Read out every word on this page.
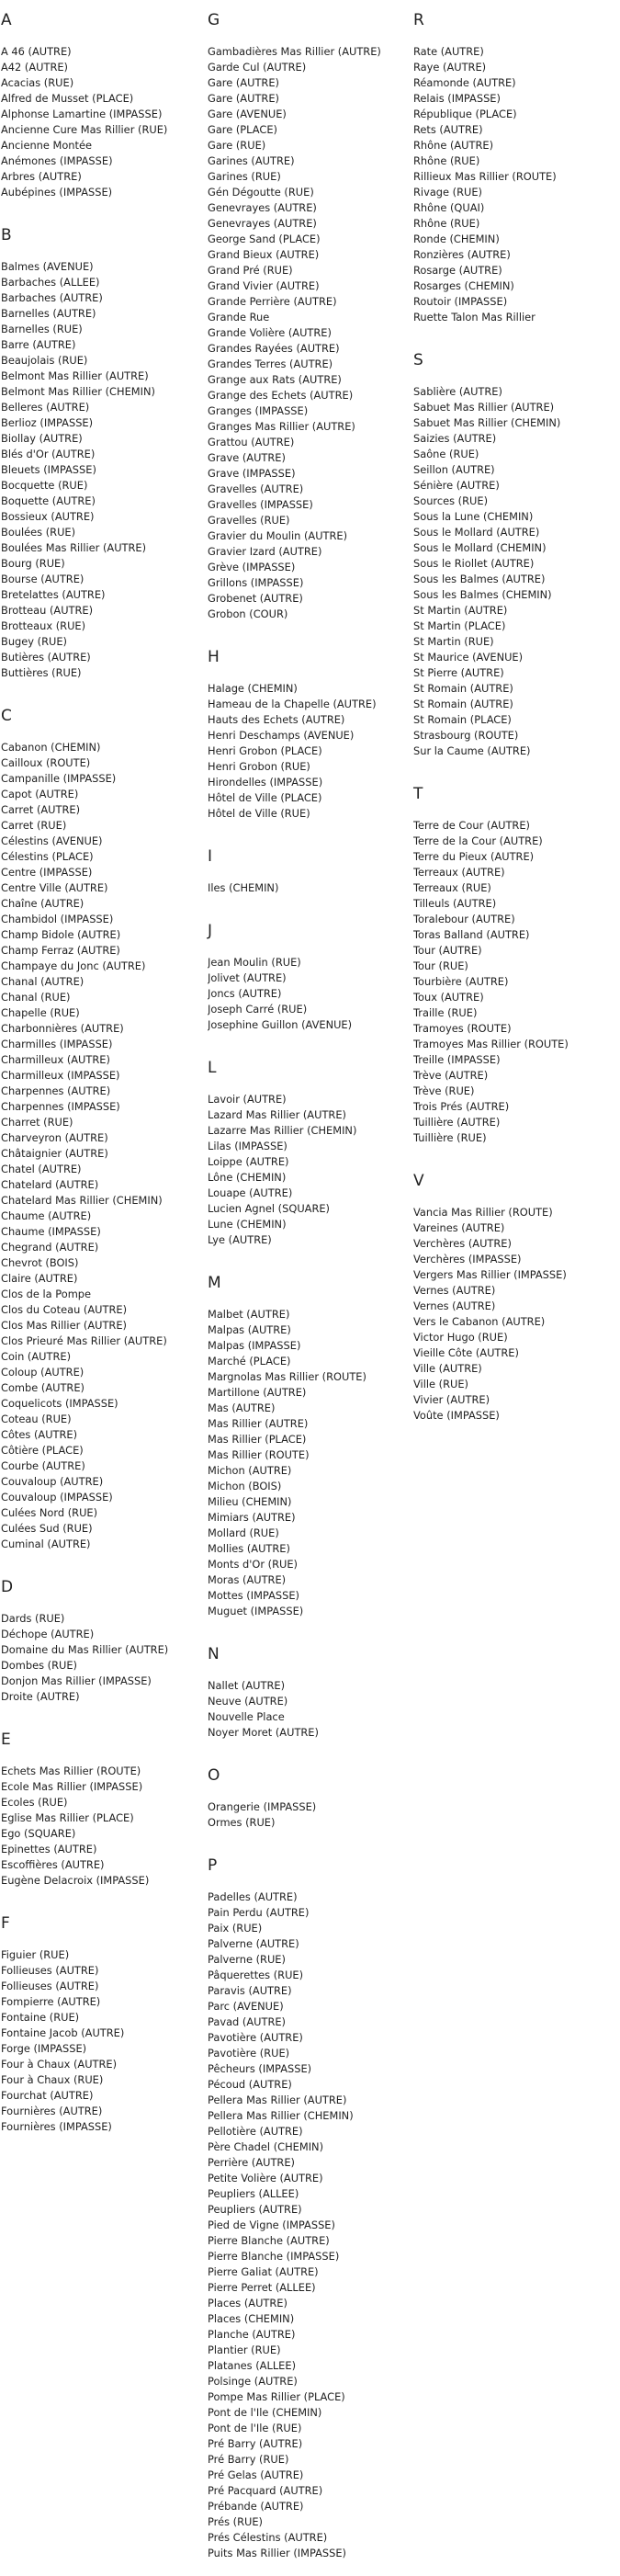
A
A 46 (AUTRE)
A42 (AUTRE)
Acacias (RUE)
Alfred de Musset (PLACE)
Alphonse Lamartine (IMPASSE)
Ancienne Cure Mas Rillier (RUE)
Ancienne Montée
Anémones (IMPASSE)
Arbres (AUTRE)
Aubépines (IMPASSE)
B
Balmes (AVENUE)
Barbaches (ALLEE)
Barbaches (AUTRE)
Barnelles (AUTRE)
Barnelles (RUE)
Barre (AUTRE)
Beaujolais (RUE)
Belmont Mas Rillier (AUTRE)
Belmont Mas Rillier (CHEMIN)
Belleres (AUTRE)
Berlioz (IMPASSE)
Biollay (AUTRE)
Blés d'Or (AUTRE)
Bleuets (IMPASSE)
Bocquette (RUE)
Boquette (AUTRE)
Bossieux (AUTRE)
Boulées (RUE)
Boulées Mas Rillier (AUTRE)
Bourg (RUE)
Bourse (AUTRE)
Bretelattes (AUTRE)
Brotteau (AUTRE)
Brotteaux (RUE)
Bugey (RUE)
Butières (AUTRE)
Buttières (RUE)
C
Cabanon (CHEMIN)
Cailloux (ROUTE)
Campanille (IMPASSE)
Capot (AUTRE)
Carret (AUTRE)
Carret (RUE)
Célestins (AVENUE)
Célestins (PLACE)
Centre (IMPASSE)
Centre Ville (AUTRE)
Chaîne (AUTRE)
Chambidol (IMPASSE)
Champ Bidole (AUTRE)
Champ Ferraz (AUTRE)
Champaye du Jonc (AUTRE)
Chanal (AUTRE)
Chanal (RUE)
Chapelle (RUE)
Charbonnières (AUTRE)
Charmilles (IMPASSE)
Charmilleux (AUTRE)
Charmilleux (IMPASSE)
Charpennes (AUTRE)
Charpennes (IMPASSE)
Charret (RUE)
Charveyron (AUTRE)
Châtaignier (AUTRE)
Chatel (AUTRE)
Chatelard (AUTRE)
Chatelard Mas Rillier (CHEMIN)
Chaume (AUTRE)
Chaume (IMPASSE)
Chegrand (AUTRE)
Chevrot (BOIS)
Claire (AUTRE)
Clos de la Pompe
Clos du Coteau (AUTRE)
Clos Mas Rillier (AUTRE)
Clos Prieuré Mas Rillier (AUTRE)
Coin (AUTRE)
Coloup (AUTRE)
Combe (AUTRE)
Coquelicots (IMPASSE)
Coteau (RUE)
Côtes (AUTRE)
Côtière (PLACE)
Courbe (AUTRE)
Couvaloup (AUTRE)
Couvaloup (IMPASSE)
Culées Nord (RUE)
Culées Sud (RUE)
Cuminal (AUTRE)
D
Dards (RUE)
Déchope (AUTRE)
Domaine du Mas Rillier (AUTRE)
Dombes (RUE)
Donjon Mas Rillier (IMPASSE)
Droite (AUTRE)
E
Echets Mas Rillier (ROUTE)
Ecole Mas Rillier (IMPASSE)
Ecoles (RUE)
Eglise Mas Rillier (PLACE)
Ego (SQUARE)
Epinettes (AUTRE)
Escoffières (AUTRE)
Eugène Delacroix (IMPASSE)
F
Figuier (RUE)
Follieuses (AUTRE)
Follieuses (AUTRE)
Fompierre (AUTRE)
Fontaine (RUE)
Fontaine Jacob (AUTRE)
Forge (IMPASSE)
Four à Chaux (AUTRE)
Four à Chaux (RUE)
Fourchat (AUTRE)
Fournières (AUTRE)
Fournières (IMPASSE)
G
Gambadières Mas Rillier (AUTRE)
Garde Cul (AUTRE)
Gare (AUTRE)
Gare (AUTRE)
Gare (AVENUE)
Gare (PLACE)
Gare (RUE)
Garines (AUTRE)
Garines (RUE)
Gén Dégoutte (RUE)
Genevrayes (AUTRE)
Genevrayes (AUTRE)
George Sand (PLACE)
Grand Bieux (AUTRE)
Grand Pré (RUE)
Grand Vivier (AUTRE)
Grande Perrière (AUTRE)
Grande Rue
Grande Volière (AUTRE)
Grandes Rayées (AUTRE)
Grandes Terres (AUTRE)
Grange aux Rats (AUTRE)
Grange des Echets (AUTRE)
Granges (IMPASSE)
Granges Mas Rillier (AUTRE)
Grattou (AUTRE)
Grave (AUTRE)
Grave (IMPASSE)
Gravelles (AUTRE)
Gravelles (IMPASSE)
Gravelles (RUE)
Gravier du Moulin (AUTRE)
Gravier Izard (AUTRE)
Grève (IMPASSE)
Grillons (IMPASSE)
Grobenet (AUTRE)
Grobon (COUR)
H
Halage (CHEMIN)
Hameau de la Chapelle (AUTRE)
Hauts des Echets (AUTRE)
Henri Deschamps (AVENUE)
Henri Grobon (PLACE)
Henri Grobon (RUE)
Hirondelles (IMPASSE)
Hôtel de Ville (PLACE)
Hôtel de Ville (RUE)
I
Iles (CHEMIN)
J
Jean Moulin (RUE)
Jolivet (AUTRE)
Joncs (AUTRE)
Joseph Carré (RUE)
Josephine Guillon (AVENUE)
L
Lavoir (AUTRE)
Lazard Mas Rillier (AUTRE)
Lazarre Mas Rillier (CHEMIN)
Lilas (IMPASSE)
Loippe (AUTRE)
Lône (CHEMIN)
Louape (AUTRE)
Lucien Agnel (SQUARE)
Lune (CHEMIN)
Lye (AUTRE)
M
Malbet (AUTRE)
Malpas (AUTRE)
Malpas (IMPASSE)
Marché (PLACE)
Margnolas Mas Rillier (ROUTE)
Martillone (AUTRE)
Mas (AUTRE)
Mas Rillier (AUTRE)
Mas Rillier (PLACE)
Mas Rillier (ROUTE)
Michon (AUTRE)
Michon (BOIS)
Milieu (CHEMIN)
Mimiars (AUTRE)
Mollard (RUE)
Mollies (AUTRE)
Monts d'Or (RUE)
Moras (AUTRE)
Mottes (IMPASSE)
Muguet (IMPASSE)
N
Nallet (AUTRE)
Neuve (AUTRE)
Nouvelle Place
Noyer Moret (AUTRE)
O
Orangerie (IMPASSE)
Ormes (RUE)
P
Padelles (AUTRE)
Pain Perdu (AUTRE)
Paix (RUE)
Palverne (AUTRE)
Palverne (RUE)
Pâquerettes (RUE)
Paravis (AUTRE)
Parc (AVENUE)
Pavad (AUTRE)
Pavotière (AUTRE)
Pavotière (RUE)
Pêcheurs (IMPASSE)
Pécoud (AUTRE)
Pellera Mas Rillier (AUTRE)
Pellera Mas Rillier (CHEMIN)
Pellotière (AUTRE)
Père Chadel (CHEMIN)
Perrière (AUTRE)
Petite Volière (AUTRE)
Peupliers (ALLEE)
Peupliers (AUTRE)
Pied de Vigne (IMPASSE)
Pierre Blanche (AUTRE)
Pierre Blanche (IMPASSE)
Pierre Galiat (AUTRE)
Pierre Perret (ALLEE)
Places (AUTRE)
Places (CHEMIN)
Planche (AUTRE)
Plantier (RUE)
Platanes (ALLEE)
Polsinge (AUTRE)
Pompe Mas Rillier (PLACE)
Pont de l'Ile (CHEMIN)
Pont de l'Ile (RUE)
Pré Barry (AUTRE)
Pré Barry (RUE)
Pré Gelas (AUTRE)
Pré Pacquard (AUTRE)
Prébande (AUTRE)
Prés (RUE)
Prés Célestins (AUTRE)
Puits Mas Rillier (IMPASSE)
R
Rate (AUTRE)
Raye (AUTRE)
Réamonde (AUTRE)
Relais (IMPASSE)
République (PLACE)
Rets (AUTRE)
Rhône (AUTRE)
Rhône (RUE)
Rillieux Mas Rillier (ROUTE)
Rivage (RUE)
Rhône (QUAI)
Rhône (RUE)
Ronde (CHEMIN)
Ronzières (AUTRE)
Rosarge (AUTRE)
Rosarges (CHEMIN)
Routoir (IMPASSE)
Ruette Talon Mas Rillier
S
Sablière (AUTRE)
Sabuet Mas Rillier (AUTRE)
Sabuet Mas Rillier (CHEMIN)
Saizies (AUTRE)
Saône (RUE)
Seillon (AUTRE)
Sénière (AUTRE)
Sources (RUE)
Sous la Lune (CHEMIN)
Sous le Mollard (AUTRE)
Sous le Mollard (CHEMIN)
Sous le Riollet (AUTRE)
Sous les Balmes (AUTRE)
Sous les Balmes (CHEMIN)
St Martin (AUTRE)
St Martin (PLACE)
St Martin (RUE)
St Maurice (AVENUE)
St Pierre (AUTRE)
St Romain (AUTRE)
St Romain (AUTRE)
St Romain (PLACE)
Strasbourg (ROUTE)
Sur la Caume (AUTRE)
T
Terre de Cour (AUTRE)
Terre de la Cour (AUTRE)
Terre du Pieux (AUTRE)
Terreaux (AUTRE)
Terreaux (RUE)
Tilleuls (AUTRE)
Toralebour (AUTRE)
Toras Balland (AUTRE)
Tour (AUTRE)
Tour (RUE)
Tourbière (AUTRE)
Toux (AUTRE)
Traille (RUE)
Tramoyes (ROUTE)
Tramoyes Mas Rillier (ROUTE)
Treille (IMPASSE)
Trève (AUTRE)
Trève (RUE)
Trois Prés (AUTRE)
Tuillière (AUTRE)
Tuillière (RUE)
V
Vancia Mas Rillier (ROUTE)
Vareines (AUTRE)
Verchères (AUTRE)
Verchères (IMPASSE)
Vergers Mas Rillier (IMPASSE)
Vernes (AUTRE)
Vernes (AUTRE)
Vers le Cabanon (AUTRE)
Victor Hugo (RUE)
Vieille Côte (AUTRE)
Ville (AUTRE)
Ville (RUE)
Vivier (AUTRE)
Voûte (IMPASSE)
